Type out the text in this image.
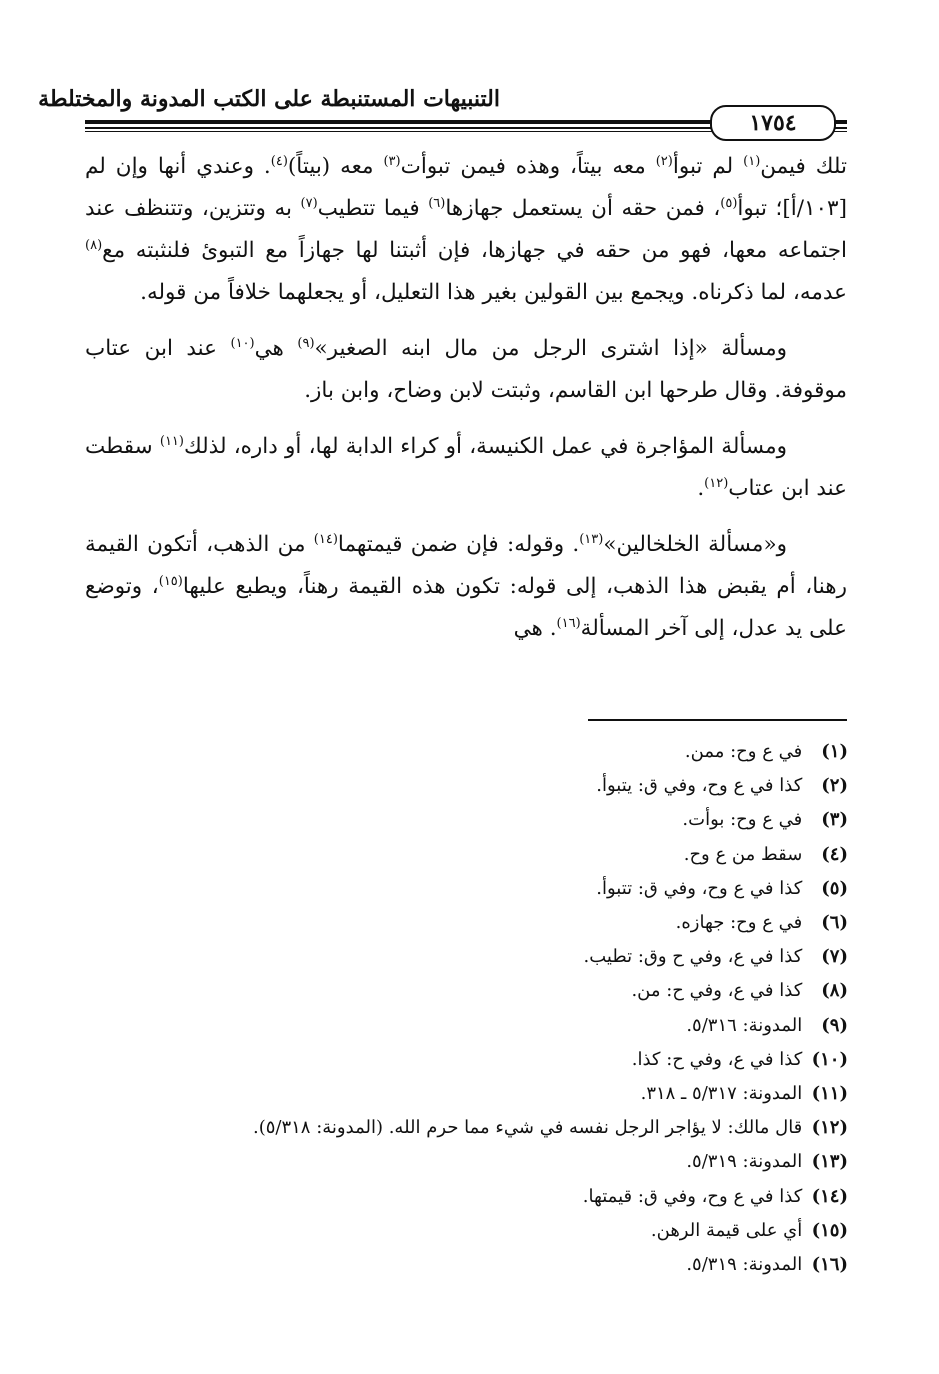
التنبيهات المستنبطة على الكتب المدونة والمختلطة
١٧٥٤

تلك فيمن$^{(١)}$ لم تبوأ$^{(٢)}$ معه بيتاً، وهذه فيمن تبوأت$^{(٣)}$ معه (بيتاً)$^{(٤)}$. وعندي أنها وإن لم [١٠٣/أ]؛ تبوأ$^{(٥)}$، فمن حقه أن يستعمل جهازها$^{(٦)}$ فيما تتطيب$^{(٧)}$ به وتتزين، وتتنظف عند اجتماعه معها، فهو من حقه في جهازها، فإن أثبتنا لها جهازاً مع التبوئ فلنثبته مع$^{(٨)}$ عدمه، لما ذكرناه. ويجمع بين القولين بغير هذا التعليل، أو يجعلهما خلافاً من قوله.

ومسألة «إذا اشترى الرجل من مال ابنه الصغير»$^{(٩)}$ هي$^{(١٠)}$ عند ابن عتاب موقوفة. وقال طرحها ابن القاسم، وثبتت لابن وضاح، وابن باز.

ومسألة المؤاجرة في عمل الكنيسة، أو كراء الدابة لها، أو داره، لذلك$^{(١١)}$ سقطت عند ابن عتاب$^{(١٢)}$.

و«مسألة الخلخالين»$^{(١٣)}$. وقوله: فإن ضمن قيمتهما$^{(١٤)}$ من الذهب، أتكون القيمة رهنا، أم يقبض هذا الذهب، إلى قوله: تكون هذه القيمة رهناً، ويطبع عليها$^{(١٥)}$، وتوضع على يد عدل، إلى آخر المسألة$^{(١٦)}$. هي

(١) في ع وح: ممن.
(٢) كذا في ع وح، وفي ق: يتبوأ.
(٣) في ع وح: بوأت.
(٤) سقط من ع وح.
(٥) كذا في ع وح، وفي ق: تتبوأ.
(٦) في ع وح: جهازه.
(٧) كذا في ع، وفي ح وق: تطيب.
(٨) كذا في ع، وفي ح: من.
(٩) المدونة: ٥/٣١٦.
(١٠) كذا في ع، وفي ح: كذا.
(١١) المدونة: ٥/٣١٧ ـ ٣١٨.
(١٢) قال مالك: لا يؤاجر الرجل نفسه في شيء مما حرم الله. (المدونة: ٥/٣١٨).
(١٣) المدونة: ٥/٣١٩.
(١٤) كذا في ع وح، وفي ق: قيمتها.
(١٥) أي على قيمة الرهن.
(١٦) المدونة: ٥/٣١٩.
